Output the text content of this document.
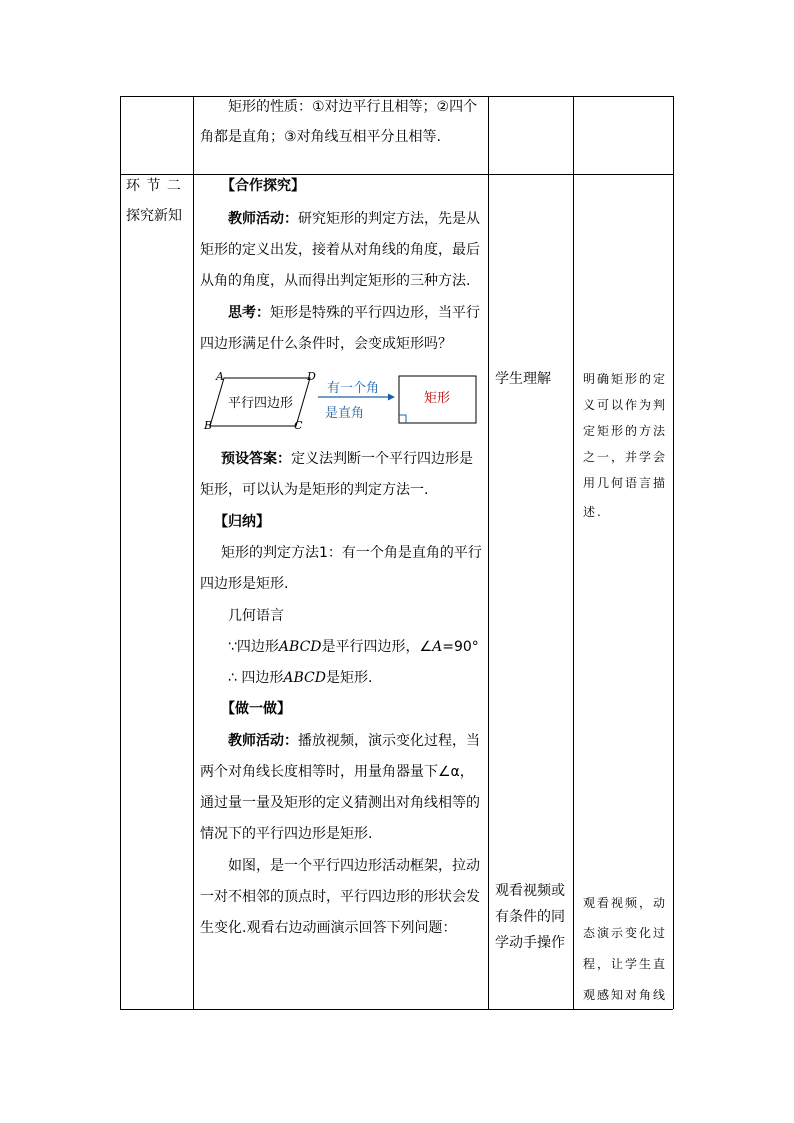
矩形的性质：①对边平行且相等；②四个
角都是直角；③对角线互相平分且相等.
环 节 二
探究新知
【合作探究】
教师活动：研究矩形的判定方法，先是从
矩形的定义出发，接着从对角线的角度，最后
从角的角度，从而得出判定矩形的三种方法.
思考：矩形是特殊的平行四边形，当平行
四边形满足什么条件时，会变成矩形吗？
A	D
B	C
平行四边形
有一个角
是直角
矩形
预设答案：定义法判断一个平行四边形是
矩形，可以认为是矩形的判定方法一.
【归纳】
矩形的判定方法1：有一个角是直角的平行
四边形是矩形.
几何语言
∵四边形ABCD是平行四边形，∠A=90°
∴ 四边形ABCD是矩形.
【做一做】
教师活动：播放视频，演示变化过程，当
两个对角线长度相等时，用量角器量下∠α，
通过量一量及矩形的定义猜测出对角线相等的
情况下的平行四边形是矩形.
如图，是一个平行四边形活动框架，拉动
一对不相邻的顶点时，平行四边形的形状会发
生变化.观看右边动画演示回答下列问题：
学生理解
观看视频或
有条件的同
学动手操作
明确矩形的定
义可以作为判
定矩形的方法
之一，并学会
用几何语言描
述.
观看视频，动
态演示变化过
程，让学生直
观感知对角线
